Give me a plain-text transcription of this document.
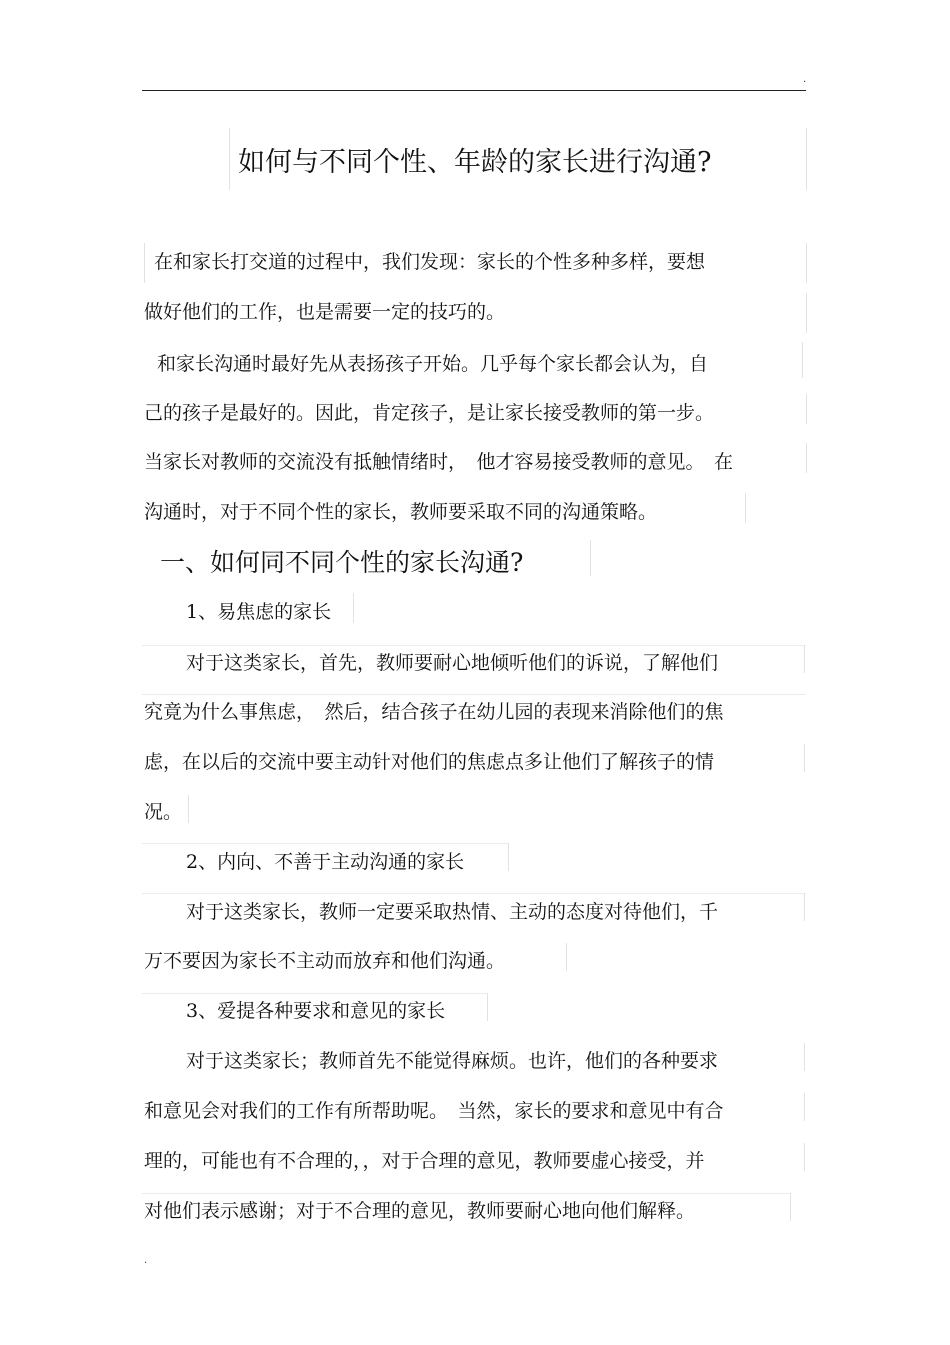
.
如何与不同个性、年龄的家长进行沟通?
在和家长打交道的过程中，我们发现：家长的个性多种多样，要想
做好他们的工作，也是需要一定的技巧的。
和家长沟通时最好先从表扬孩子开始。几乎每个家长都会认为，自
己的孩子是最好的。因此，肯定孩子，是让家长接受教师的第一步。
当家长对教师的交流没有抵触情绪时，　他才容易接受教师的意见。　在
沟通时，对于不同个性的家长，教师要采取不同的沟通策略。
一、如何同不同个性的家长沟通?
1、易焦虑的家长
对于这类家长，首先，教师要耐心地倾听他们的诉说，了解他们
究竟为什么事焦虑，　然后，结合孩子在幼儿园的表现来消除他们的焦
虑，在以后的交流中要主动针对他们的焦虑点多让他们了解孩子的情
况。
2、内向、不善于主动沟通的家长
对于这类家长，教师一定要采取热情、主动的态度对待他们，千
万不要因为家长不主动而放弃和他们沟通。
3、爱提各种要求和意见的家长
对于这类家长；教师首先不能觉得麻烦。也许，他们的各种要求
和意见会对我们的工作有所帮助呢。　当然，家长的要求和意见中有合
理的，可能也有不合理的，，对于合理的意见，教师要虚心接受，并
对他们表示感谢；对于不合理的意见，教师要耐心地向他们解释。
.
